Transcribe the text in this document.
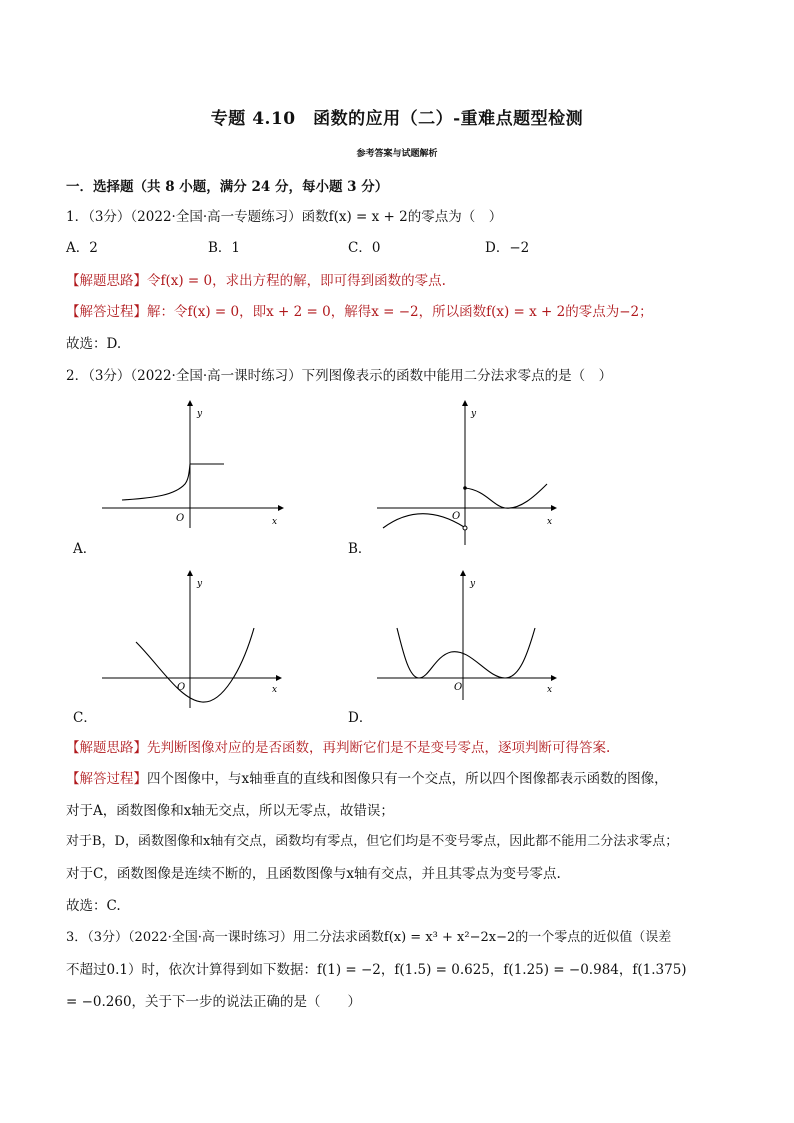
专题 4.10　函数的应用（二）-重难点题型检测
参考答案与试题解析
一．选择题（共 8 小题，满分 24 分，每小题 3 分）
1．（3分）（2022·全国·高一专题练习）函数f(x) = x + 2的零点为（　）
A．2	B．1	C．0	D．−2
【解题思路】令f(x) = 0，求出方程的解，即可得到函数的零点.
【解答过程】解：令f(x) = 0，即x + 2 = 0，解得x = −2，所以函数f(x) = x + 2的零点为−2；
故选：D.
2．（3分）（2022·全国·高一课时练习）下列图像表示的函数中能用二分法求零点的是（　）
y
x
O
A．
y
x
O
B．
y
x
O
C．
y
x
O
D．
【解题思路】先判断图像对应的是否函数，再判断它们是不是变号零点，逐项判断可得答案.
【解答过程】四个图像中，与x轴垂直的直线和图像只有一个交点，所以四个图像都表示函数的图像，
对于A，函数图像和x轴无交点，所以无零点，故错误；
对于B，D，函数图像和x轴有交点，函数均有零点，但它们均是不变号零点，因此都不能用二分法求零点；
对于C，函数图像是连续不断的，且函数图像与x轴有交点，并且其零点为变号零点.
故选：C.
3．（3分）（2022·全国·高一课时练习）用二分法求函数f(x) = x³ + x²−2x−2的一个零点的近似值（误差
不超过0.1）时，依次计算得到如下数据：f(1) = −2，f(1.5) = 0.625，f(1.25) = −0.984，f(1.375)
= −0.260，关于下一步的说法正确的是（　　）
